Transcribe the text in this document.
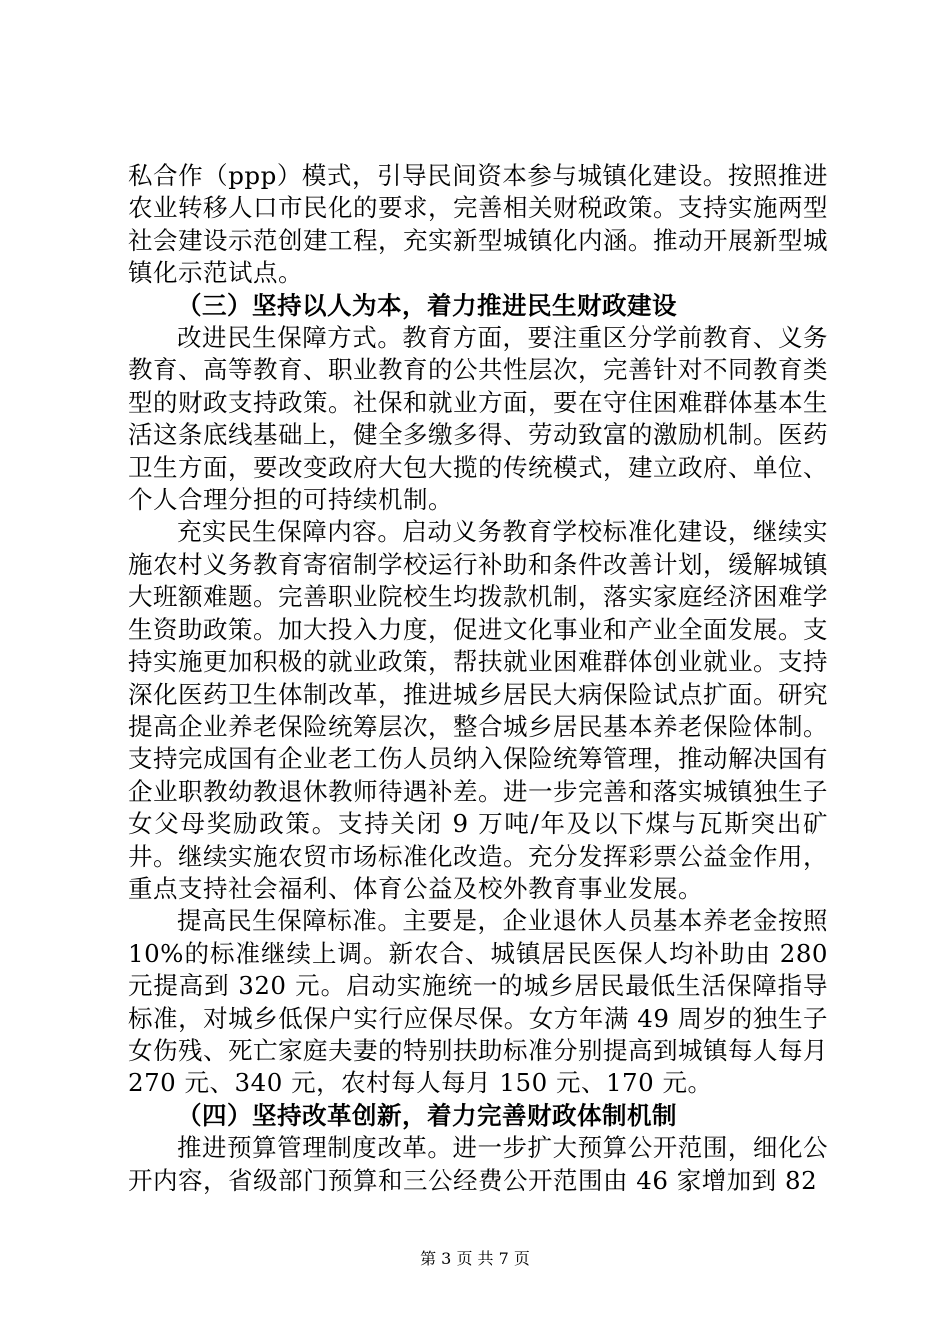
私合作（ppp）模式，引导民间资本参与城镇化建设。按照推进农业转移人口市民化的要求，完善相关财税政策。支持实施两型社会建设示范创建工程，充实新型城镇化内涵。推动开展新型城镇化示范试点。

（三）坚持以人为本，着力推进民生财政建设

改进民生保障方式。教育方面，要注重区分学前教育、义务教育、高等教育、职业教育的公共性层次，完善针对不同教育类型的财政支持政策。社保和就业方面，要在守住困难群体基本生活这条底线基础上，健全多缴多得、劳动致富的激励机制。医药卫生方面，要改变政府大包大揽的传统模式，建立政府、单位、个人合理分担的可持续机制。

充实民生保障内容。启动义务教育学校标准化建设，继续实施农村义务教育寄宿制学校运行补助和条件改善计划，缓解城镇大班额难题。完善职业院校生均拨款机制，落实家庭经济困难学生资助政策。加大投入力度，促进文化事业和产业全面发展。支持实施更加积极的就业政策，帮扶就业困难群体创业就业。支持深化医药卫生体制改革，推进城乡居民大病保险试点扩面。研究提高企业养老保险统筹层次，整合城乡居民基本养老保险体制。支持完成国有企业老工伤人员纳入保险统筹管理，推动解决国有企业职教幼教退休教师待遇补差。进一步完善和落实城镇独生子女父母奖励政策。支持关闭 9 万吨/年及以下煤与瓦斯突出矿井。继续实施农贸市场标准化改造。充分发挥彩票公益金作用，重点支持社会福利、体育公益及校外教育事业发展。

提高民生保障标准。主要是，企业退休人员基本养老金按照 10%的标准继续上调。新农合、城镇居民医保人均补助由 280 元提高到 320 元。启动实施统一的城乡居民最低生活保障指导标准，对城乡低保户实行应保尽保。女方年满 49 周岁的独生子女伤残、死亡家庭夫妻的特别扶助标准分别提高到城镇每人每月 270 元、340 元，农村每人每月 150 元、170 元。

（四）坚持改革创新，着力完善财政体制机制

推进预算管理制度改革。进一步扩大预算公开范围，细化公开内容，省级部门预算和三公经费公开范围由 46 家增加到 82

第 3 页 共 7 页
